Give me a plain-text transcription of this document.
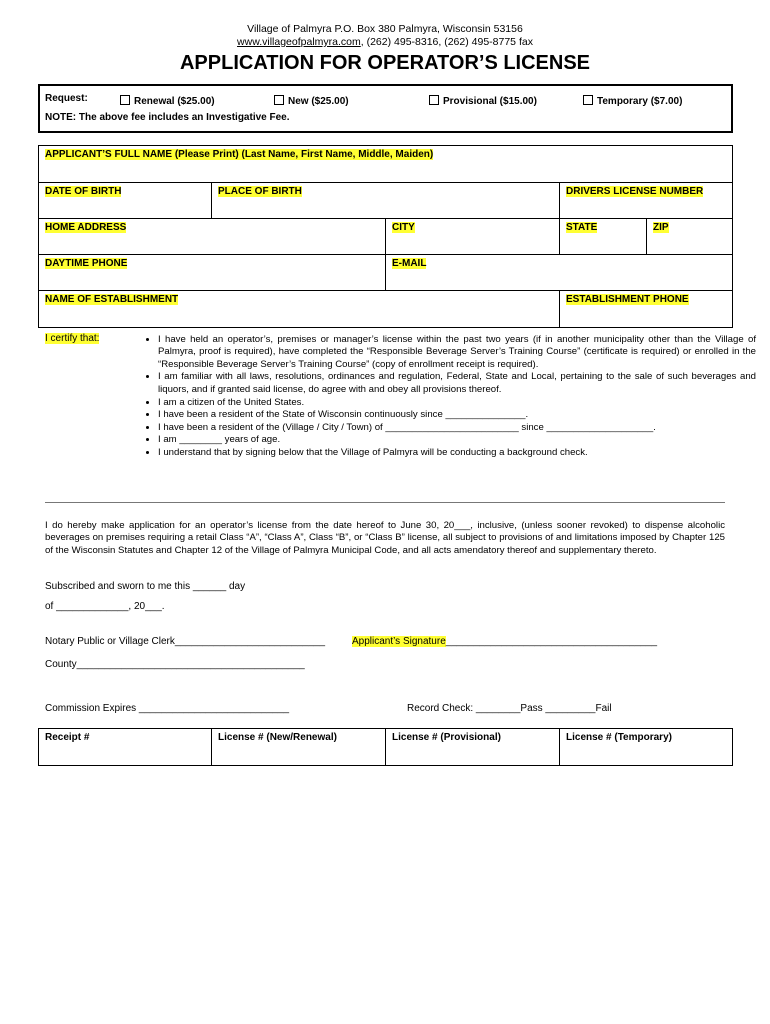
Village of Palmyra P.O. Box 380 Palmyra, Wisconsin 53156
www.villageofpalmyra.com, (262) 495-8316, (262) 495-8775 fax
APPLICATION FOR OPERATOR’S LICENSE
Request:	Renewal ($25.00)	New ($25.00)	Provisional ($15.00)	Temporary ($7.00)
NOTE: The above fee includes an Investigative Fee.
APPLICANT’S FULL NAME (Please Print) (Last Name, First Name, Middle, Maiden)
DATE OF BIRTH	PLACE OF BIRTH	DRIVERS LICENSE NUMBER
HOME ADDRESS	CITY	STATE	ZIP
DAYTIME PHONE	E-MAIL
NAME OF ESTABLISHMENT	ESTABLISHMENT PHONE
I certify that:
•	I have held an operator’s, premises or manager’s license within the past two years (if in another municipality other than the Village of Palmyra, proof is required), have completed the “Responsible Beverage Server’s Training Course” (certificate is required) or enrolled in the “Responsible Beverage Server’s Training Course” (copy of enrollment receipt is required).
• I am familiar with all laws, resolutions, ordinances and regulation, Federal, State and Local, pertaining to the sale of such beverages and liquors, and if granted said license, do agree with and obey all provisions thereof.
• I am a citizen of the United States.
• I have been a resident of the State of Wisconsin continuously since _______________.
• I have been a resident of the (Village / City / Town) of _________________________ since ____________________.
• I am ________ years of age.
• I understand that by signing below that the Village of Palmyra will be conducting a background check.
I do hereby make application for an operator’s license from the date hereof to June 30, 20___, inclusive, (unless sooner revoked) to dispense alcoholic beverages on premises requiring a retail Class “A”, “Class A”, Class “B”, or “Class B” license, all subject to provisions of and limitations imposed by Chapter 125 of the Wisconsin Statutes and Chapter 12 of the Village of Palmyra Municipal Code, and all acts amendatory thereof and supplementary thereto.
Subscribed and sworn to me this ______ day
of _____________, 20___.
Notary Public or Village Clerk___________________________	Applicant’s Signature______________________________________
County_________________________________________
Commission Expires ___________________________	Record Check: ________Pass _________Fail
Receipt #	License # (New/Renewal)	License # (Provisional)	License # (Temporary)
